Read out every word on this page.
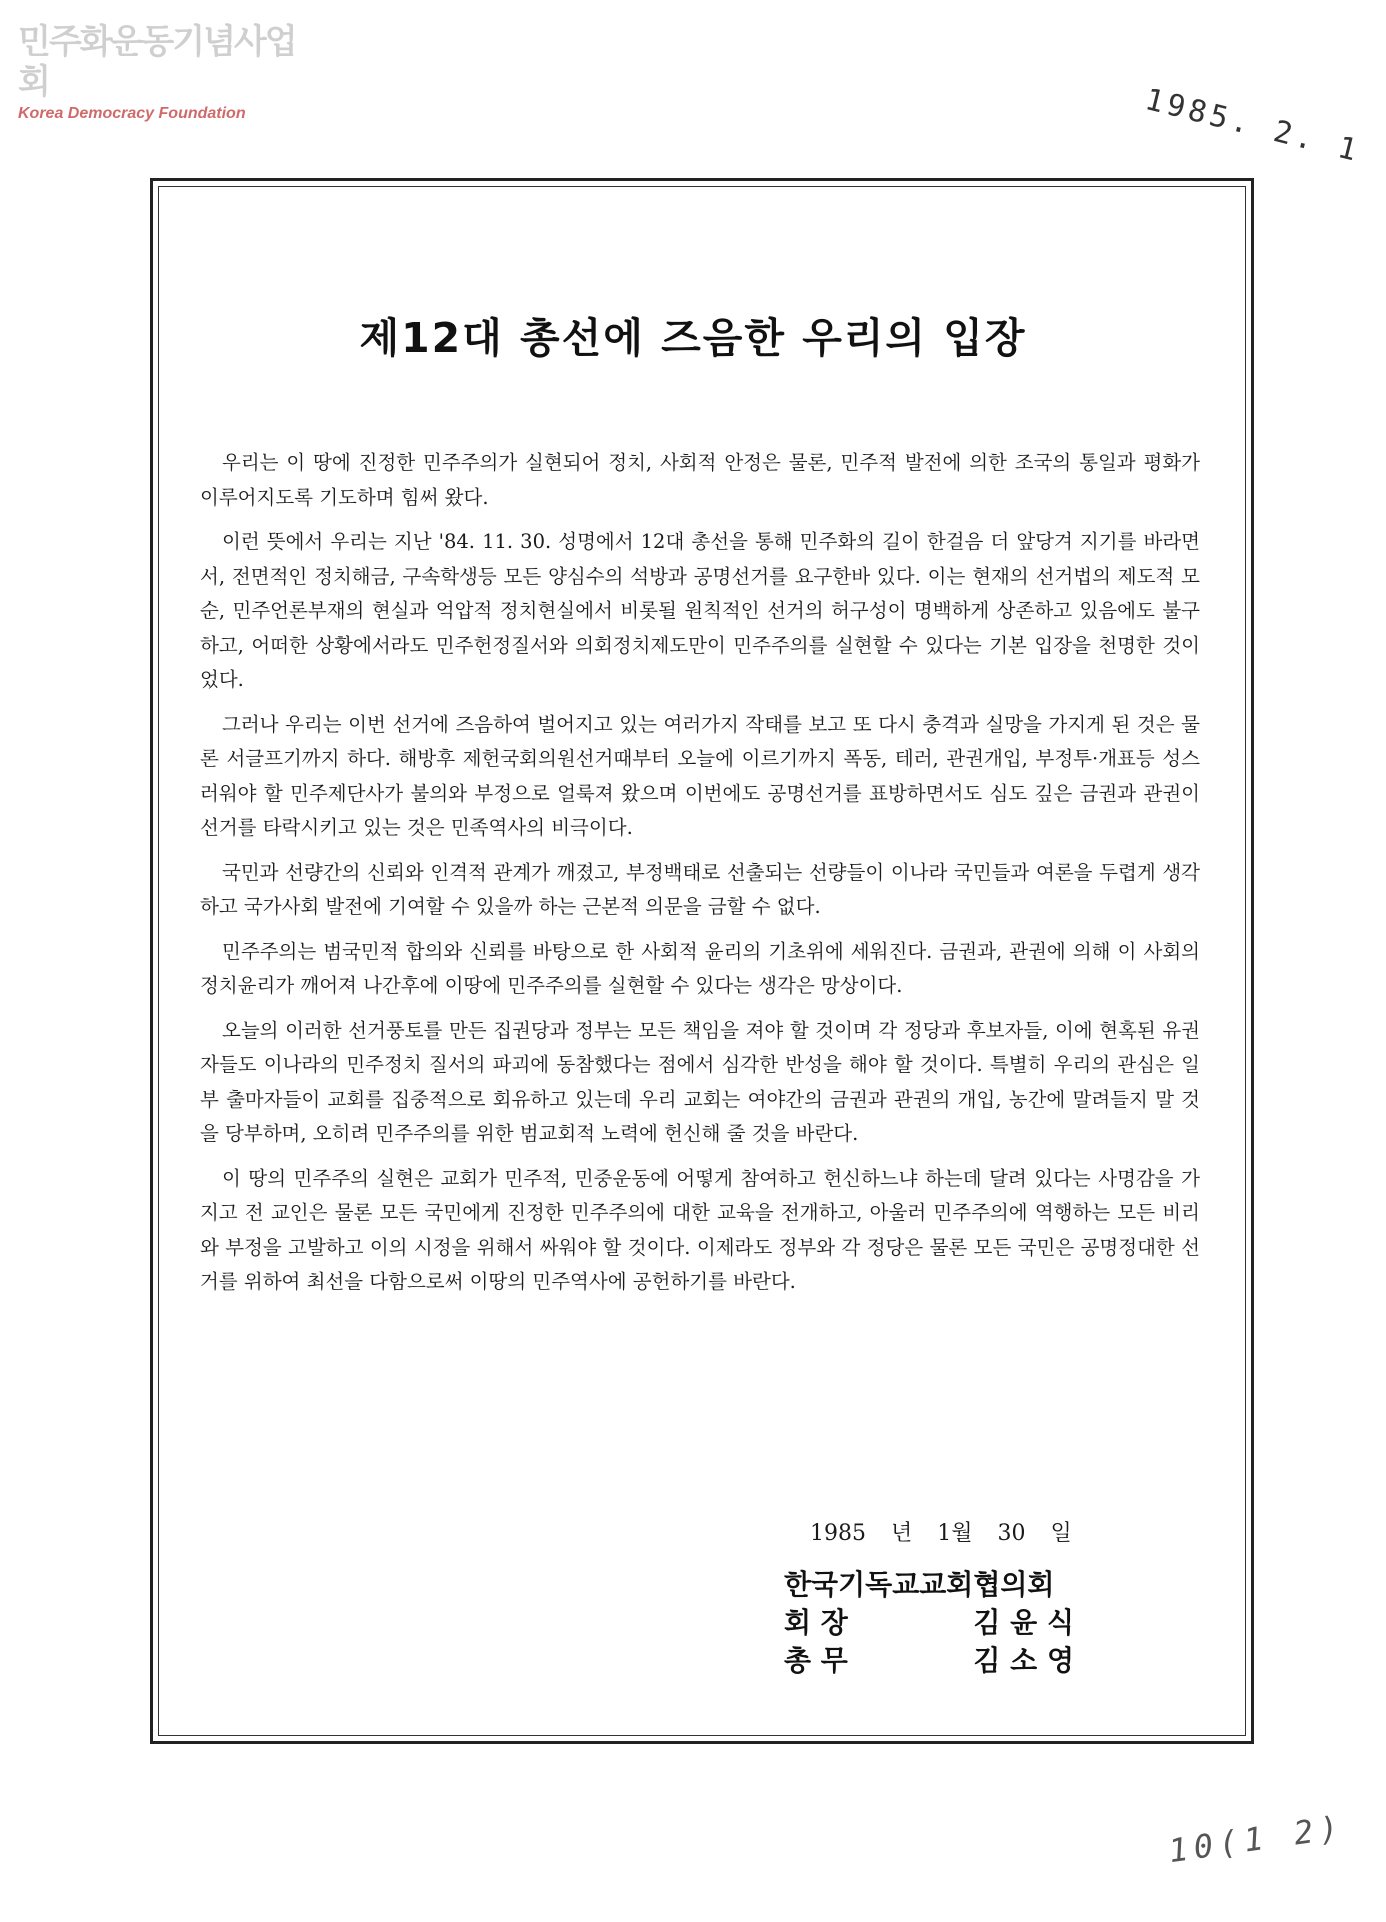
민주화운동기념사업회
Korea Democracy Foundation	1985. 2. 1
제12대 총선에 즈음한 우리의 입장

우리는 이 땅에 진정한 민주주의가 실현되어 정치, 사회적 안정은 물론, 민주적 발전에 의한 조국의 통일과 평화가 이루어지도록 기도하며 힘써 왔다.

이런 뜻에서 우리는 지난 '84. 11. 30. 성명에서 12대 총선을 통해 민주화의 길이 한걸음 더 앞당겨 지기를 바라면서, 전면적인 정치해금, 구속학생등 모든 양심수의 석방과 공명선거를 요구한바 있다. 이는 현재의 선거법의 제도적 모순, 민주언론부재의 현실과 억압적 정치현실에서 비롯될 원칙적인 선거의 허구성이 명백하게 상존하고 있음에도 불구하고, 어떠한 상황에서라도 민주헌정질서와 의회정치제도만이 민주주의를 실현할 수 있다는 기본 입장을 천명한 것이었다.

그러나 우리는 이번 선거에 즈음하여 벌어지고 있는 여러가지 작태를 보고 또 다시 충격과 실망을 가지게 된 것은 물론 서글프기까지 하다. 해방후 제헌국회의원선거때부터 오늘에 이르기까지 폭동, 테러, 관권개입, 부정투·개표등 성스러워야 할 민주제단사가 불의와 부정으로 얼룩져 왔으며 이번에도 공명선거를 표방하면서도 심도 깊은 금권과 관권이 선거를 타락시키고 있는 것은 민족역사의 비극이다.

국민과 선량간의 신뢰와 인격적 관계가 깨졌고, 부정백태로 선출되는 선량들이 이나라 국민들과 여론을 두렵게 생각하고 국가사회 발전에 기여할 수 있을까 하는 근본적 의문을 금할 수 없다.

민주주의는 범국민적 합의와 신뢰를 바탕으로 한 사회적 윤리의 기초위에 세워진다. 금권과, 관권에 의해 이 사회의 정치윤리가 깨어져 나간후에 이땅에 민주주의를 실현할 수 있다는 생각은 망상이다.

오늘의 이러한 선거풍토를 만든 집권당과 정부는 모든 책임을 져야 할 것이며 각 정당과 후보자들, 이에 현혹된 유권자들도 이나라의 민주정치 질서의 파괴에 동참했다는 점에서 심각한 반성을 해야 할 것이다. 특별히 우리의 관심은 일부 출마자들이 교회를 집중적으로 회유하고 있는데 우리 교회는 여야간의 금권과 관권의 개입, 농간에 말려들지 말 것을 당부하며, 오히려 민주주의를 위한 범교회적 노력에 헌신해 줄 것을 바란다.

이 땅의 민주주의 실현은 교회가 민주적, 민중운동에 어떻게 참여하고 헌신하느냐 하는데 달려 있다는 사명감을 가지고 전 교인은 물론 모든 국민에게 진정한 민주주의에 대한 교육을 전개하고, 아울러 민주주의에 역행하는 모든 비리와 부정을 고발하고 이의 시정을 위해서 싸워야 할 것이다. 이제라도 정부와 각 정당은 물론 모든 국민은 공명정대한 선거를 위하여 최선을 다함으로써 이땅의 민주역사에 공헌하기를 바란다.

1985 년 1월 30 일
한국기독교교회협의회
회 장	김 윤 식
총 무	김 소 영
10(1 2)
